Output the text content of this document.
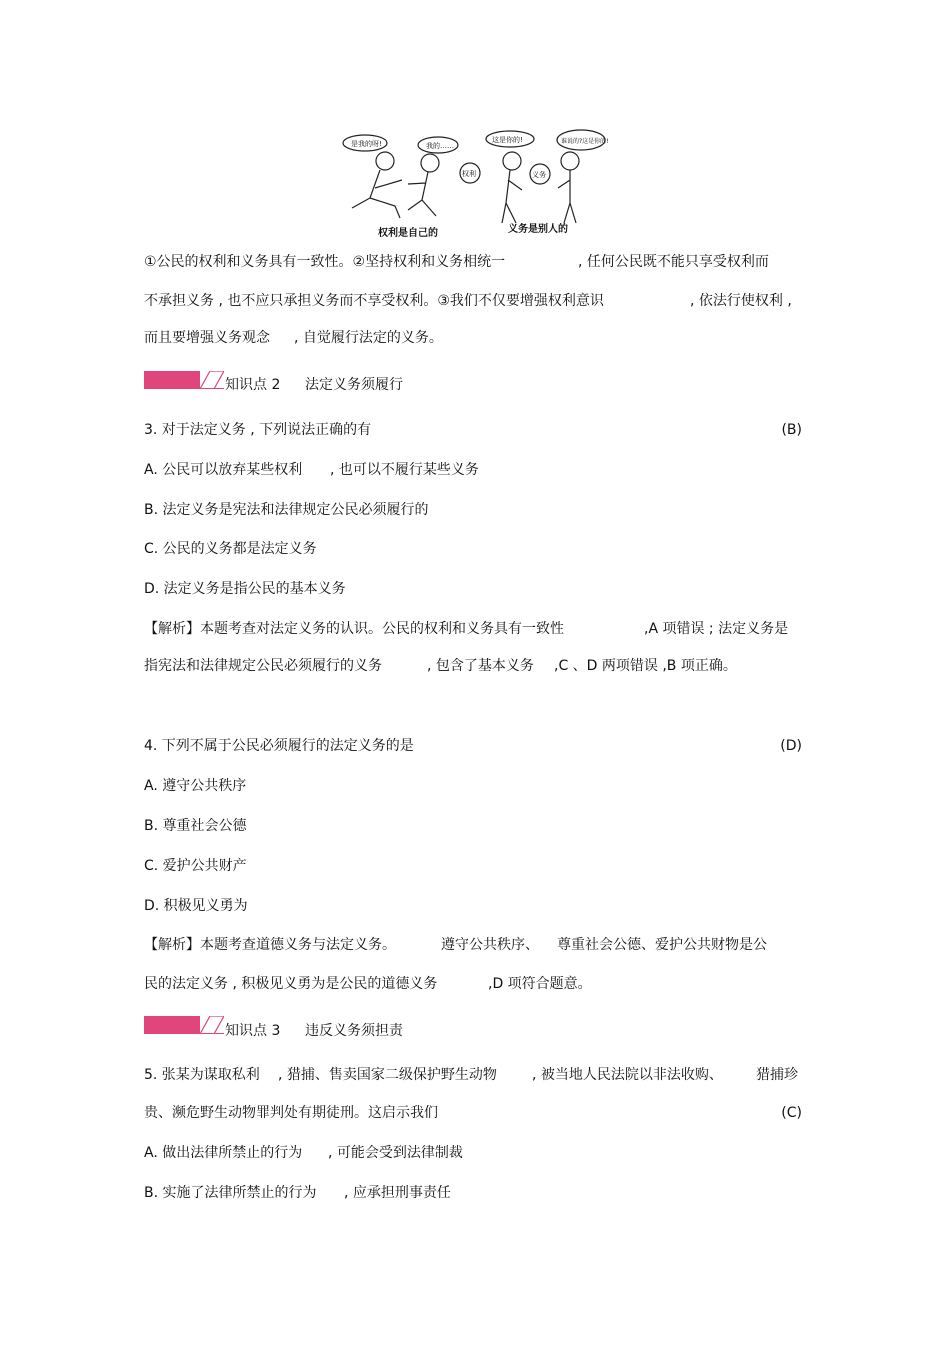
是我的呀!	我的……
权利
这是你的!	谁说的?这是你的!
义务
权利是自己的	义务是别人的
①公民的权利和义务具有一致性。②坚持权利和义务相统一	, 任何公民既不能只享受权利而
不承担义务 , 也不应只承担义务而不享受权利。③我们不仅要增强权利意识	, 依法行使权利 ,
而且要增强义务观念 , 自觉履行法定的义务。
知识点 2 法定义务须履行
3. 对于法定义务 , 下列说法正确的有	(B)
A. 公民可以放弃某些权利 , 也可以不履行某些义务
B. 法定义务是宪法和法律规定公民必须履行的
C. 公民的义务都是法定义务
D. 法定义务是指公民的基本义务
【解析】本题考查对法定义务的认识。公民的权利和义务具有一致性	,A 项错误 ; 法定义务是
指宪法和法律规定公民必须履行的义务	, 包含了基本义务 ,C 、D 两项错误 ,B 项正确。
4. 下列不属于公民必须履行的法定义务的是	(D)
A. 遵守公共秩序
B. 尊重社会公德
C. 爱护公共财产
D. 积极见义勇为
【解析】本题考查道德义务与法定义务。	遵守公共秩序、 尊重社会公德、爱护公共财物是公
民的法定义务 , 积极见义勇为是公民的道德义务	,D 项符合题意。
知识点 3 违反义务须担责
5. 张某为谋取私利 , 猎捕、售卖国家二级保护野生动物	, 被当地人民法院以非法收购、 猎捕珍
贵、濒危野生动物罪判处有期徒刑。这启示我们	(C)
A. 做出法律所禁止的行为 , 可能会受到法律制裁
B. 实施了法律所禁止的行为 , 应承担刑事责任
